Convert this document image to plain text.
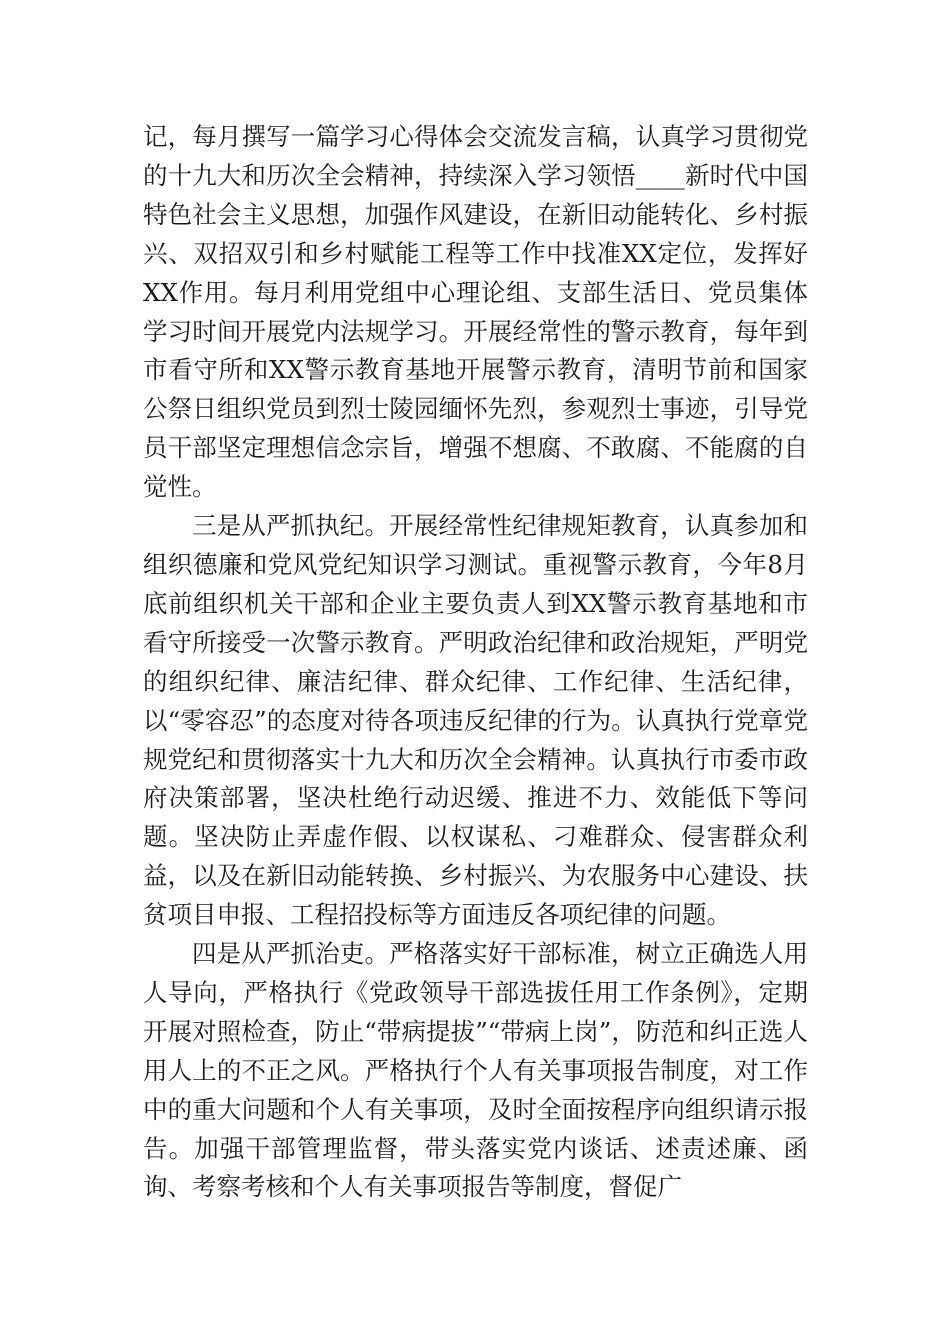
记，每月撰写一篇学习心得体会交流发言稿，认真学习贯彻党的十九大和历次全会精神，持续深入学习领悟____新时代中国特色社会主义思想，加强作风建设，在新旧动能转化、乡村振兴、双招双引和乡村赋能工程等工作中找准XX定位，发挥好XX作用。每月利用党组中心理论组、支部生活日、党员集体学习时间开展党内法规学习。开展经常性的警示教育，每年到市看守所和XX警示教育基地开展警示教育，清明节前和国家公祭日组织党员到烈士陵园缅怀先烈，参观烈士事迹，引导党员干部坚定理想信念宗旨，增强不想腐、不敢腐、不能腐的自觉性。

三是从严抓执纪。开展经常性纪律规矩教育，认真参加和组织德廉和党风党纪知识学习测试。重视警示教育，今年8月底前组织机关干部和企业主要负责人到XX警示教育基地和市看守所接受一次警示教育。严明政治纪律和政治规矩，严明党的组织纪律、廉洁纪律、群众纪律、工作纪律、生活纪律，以“零容忍”的态度对待各项违反纪律的行为。认真执行党章党规党纪和贯彻落实十九大和历次全会精神。认真执行市委市政府决策部署，坚决杜绝行动迟缓、推进不力、效能低下等问题。坚决防止弄虚作假、以权谋私、刁难群众、侵害群众利益，以及在新旧动能转换、乡村振兴、为农服务中心建设、扶贫项目申报、工程招投标等方面违反各项纪律的问题。

四是从严抓治吏。严格落实好干部标准，树立正确选人用人导向，严格执行《党政领导干部选拔任用工作条例》，定期开展对照检查，防止“带病提拔”“带病上岗”，防范和纠正选人用人上的不正之风。严格执行个人有关事项报告制度，对工作中的重大问题和个人有关事项，及时全面按程序向组织请示报告。加强干部管理监督，带头落实党内谈话、述责述廉、函询、考察考核和个人有关事项报告等制度，督促广
